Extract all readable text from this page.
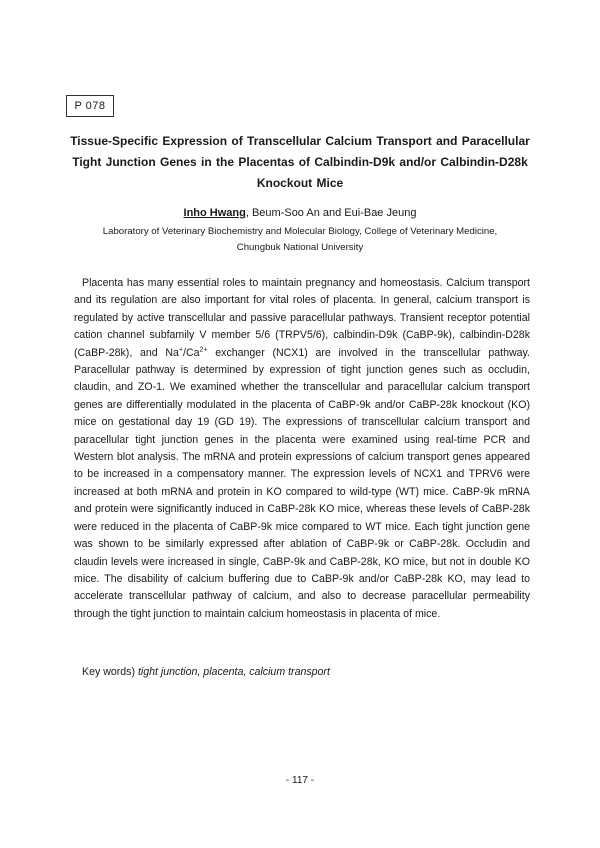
P 078
Tissue-Specific Expression of Transcellular Calcium Transport and Paracellular Tight Junction Genes in the Placentas of Calbindin-D9k and/or Calbindin-D28k Knockout Mice
Inho Hwang, Beum-Soo An and Eui-Bae Jeung
Laboratory of Veterinary Biochemistry and Molecular Biology, College of Veterinary Medicine,
Chungbuk National University

Placenta has many essential roles to maintain pregnancy and homeostasis. Calcium transport and its regulation are also important for vital roles of placenta. In general, calcium transport is regulated by active transcellular and passive paracellular pathways. Transient receptor potential cation channel subfamily V member 5/6 (TRPV5/6), calbindin-D9k (CaBP-9k), calbindin-D28k (CaBP-28k), and $Na^+/Ca^{2+}$ exchanger (NCX1) are involved in the transcellular pathway. Paracellular pathway is determined by expression of tight junction genes such as occludin, claudin, and ZO-1. We examined whether the transcellular and paracellular calcium transport genes are differentially modulated in the placenta of CaBP-9k and/or CaBP-28k knockout (KO) mice on gestational day 19 (GD 19). The expressions of transcellular calcium transport and paracellular tight junction genes in the placenta were examined using real-time PCR and Western blot analysis. The mRNA and protein expressions of calcium transport genes appeared to be increased in a compensatory manner. The expression levels of NCX1 and TPRV6 were increased at both mRNA and protein in KO compared to wild-type (WT) mice. CaBP-9k mRNA and protein were significantly induced in CaBP-28k KO mice, whereas these levels of CaBP-28k were reduced in the placenta of CaBP-9k mice compared to WT mice. Each tight junction gene was shown to be similarly expressed after ablation of CaBP-9k or CaBP-28k. Occludin and claudin levels were increased in single, CaBP-9k and CaBP-28k, KO mice, but not in double KO mice. The disability of calcium buffering due to CaBP-9k and/or CaBP-28k KO, may lead to accelerate transcellular pathway of calcium, and also to decrease paracellular permeability through the tight junction to maintain calcium homeostasis in placenta of mice.

Key words) tight junction, placenta, calcium transport
- 117 -
